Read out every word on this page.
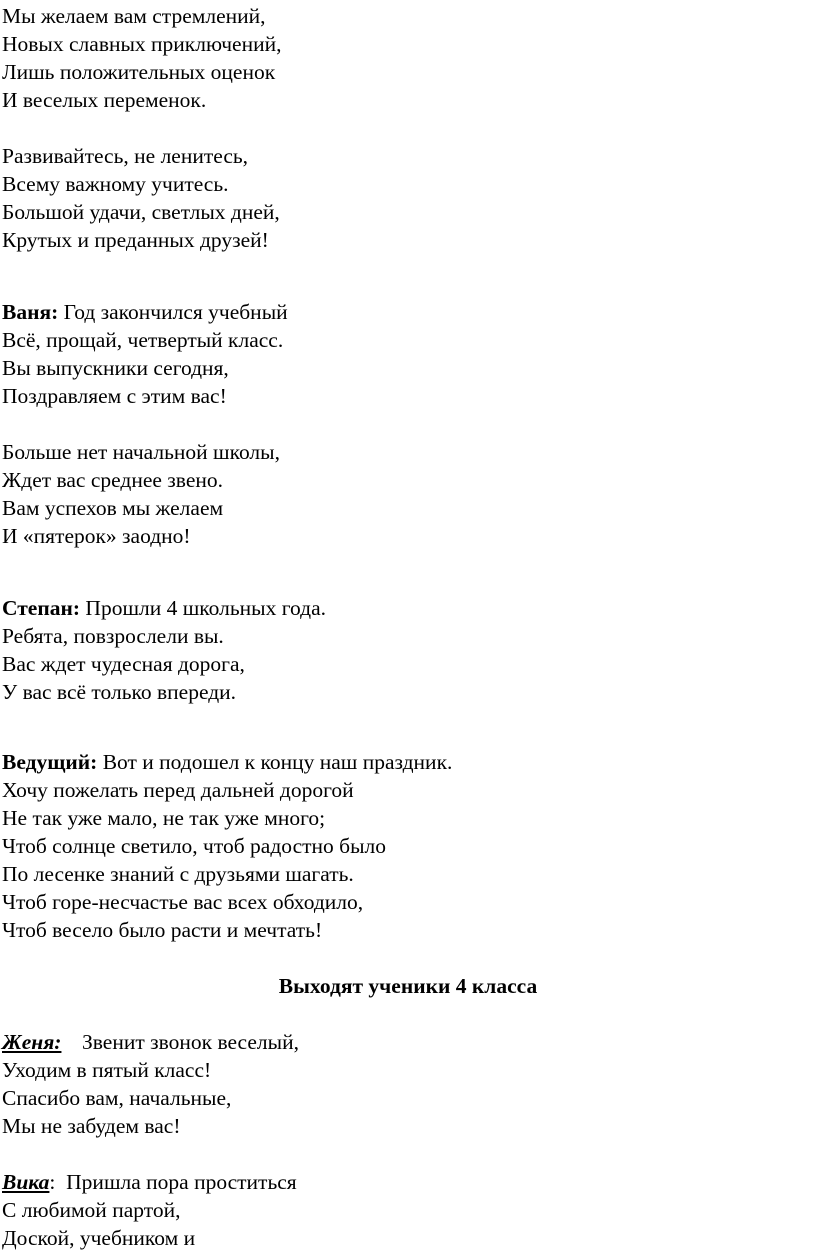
Мы желаем вам стремлений,
Новых славных приключений,
Лишь положительных оценок
И веселых переменок.
Развивайтесь, не ленитесь,
Всему важному учитесь.
Большой удачи, светлых дней,
Крутых и преданных друзей!
Ваня: Год закончился учебный
Всё, прощай, четвертый класс.
Вы выпускники сегодня,
Поздравляем с этим вас!
Больше нет начальной школы,
Ждет вас среднее звено.
Вам успехов мы желаем
И «пятерок» заодно!
Степан: Прошли 4 школьных года.
Ребята, повзрослели вы.
Вас ждет чудесная дорога,
У вас всё только впереди.
Ведущий: Вот и подошел к концу наш праздник.
Хочу пожелать перед дальней дорогой
Не так уже мало, не так уже много;
Чтоб солнце светило, чтоб радостно было
По лесенке знаний с друзьями шагать.
Чтоб горе-несчастье вас всех обходило,
Чтоб весело было расти и мечтать!
Выходят ученики 4 класса
Женя: Звенит звонок веселый,
Уходим в пятый класс!
Спасибо вам, начальные,
Мы не забудем вас!
Вика:  Пришла пора проститься
С любимой партой,
Доской, учебником и
